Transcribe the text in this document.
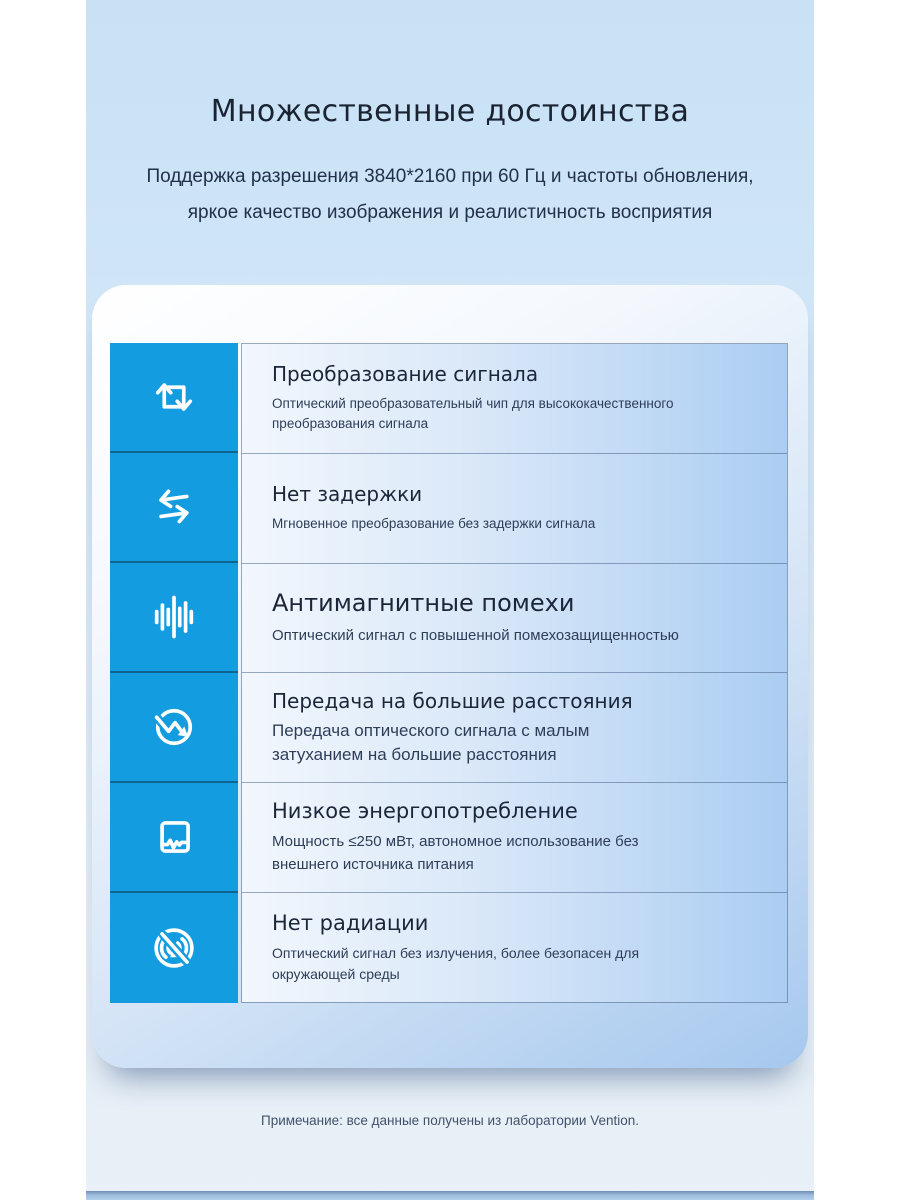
Множественные достоинства

Поддержка разрешения 3840*2160 при 60 Гц и частоты обновления,

яркое качество изображения и реалистичность восприятия

Преобразование сигнала

Оптический преобразовательный чип для высококачественного преобразования сигнала

Нет задержки

Мгновенное преобразование без задержки сигнала

Антимагнитные помехи

Оптический сигнал с повышенной помехозащищенностью

Передача на большие расстояния

Передача оптического сигнала с малым затуханием на большие расстояния

Низкое энергопотребление

Мощность ≤250 мВт, автономное использование без внешнего источника питания

Нет радиации

Оптический сигнал без излучения, более безопасен для окружающей среды

Примечание: все данные получены из лаборатории Vention.
